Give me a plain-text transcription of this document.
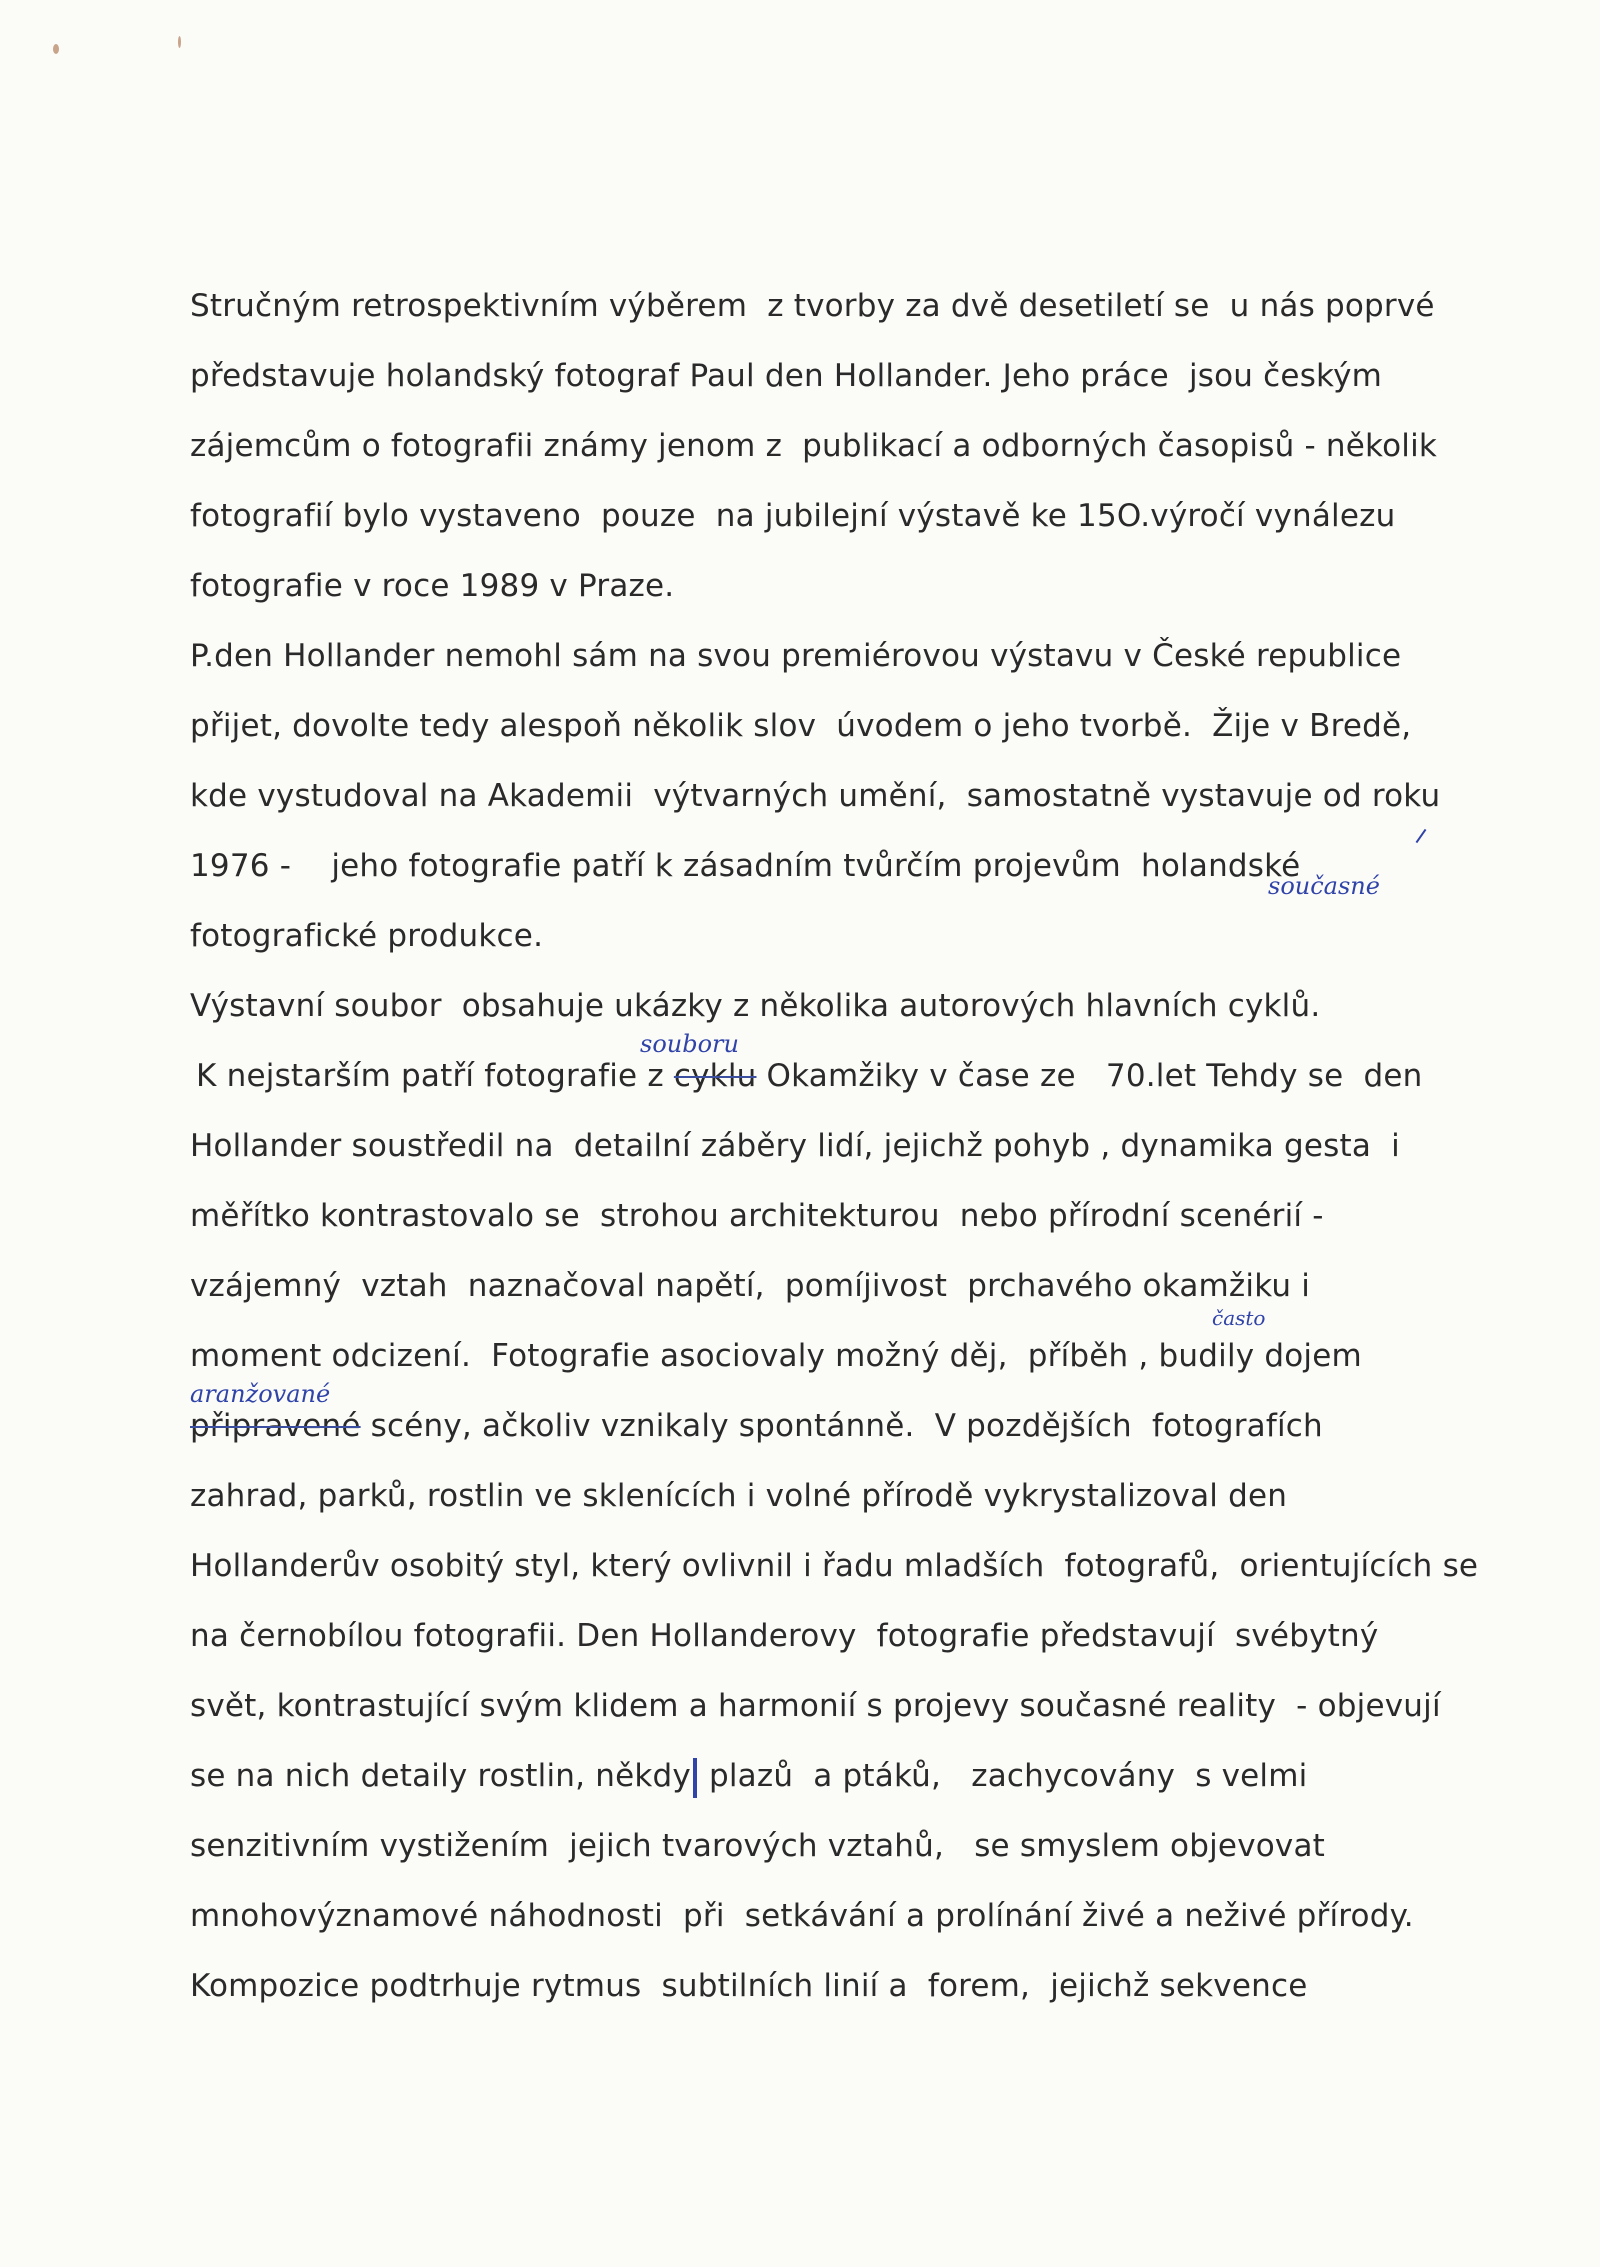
Stručným retrospektivním výběrem  z tvorby za dvě desetiletí se  u nás poprvé
představuje holandský fotograf Paul den Hollander. Jeho práce  jsou českým
zájemcům o fotografii známy jenom z  publikací a odborných časopisů - několik
fotografií bylo vystaveno  pouze  na jubilejní výstavě ke 15O.výročí vynálezu
fotografie v roce 1989 v Praze.
P.den Hollander nemohl sám na svou premiérovou výstavu v České republice
přijet, dovolte tedy alespoň několik slov  úvodem o jeho tvorbě.  Žije v Bredě,
kde vystudoval na Akademii  výtvarných umění,  samostatně vystavuje od roku
1976 -    jeho fotografie patří k zásadním tvůrčím projevům  holandské
současné
fotografické produkce.
Výstavní soubor  obsahuje ukázky z několika autorových hlavních cyklů.
souboru
K nejstarším patří fotografie z cyklu Okamžiky v čase ze   70.let Tehdy se  den
Hollander soustředil na  detailní záběry lidí, jejichž pohyb , dynamika gesta  i
měřítko kontrastovalo se  strohou architekturou  nebo přírodní scenérií -
vzájemný  vztah  naznačoval napětí,  pomíjivost  prchavého okamžiku i
často
moment odcizení.  Fotografie asociovaly možný děj,  příběh , budily dojem
aranžované
připravené scény, ačkoliv vznikaly spontánně.  V pozdějších  fotografích
zahrad, parků, rostlin ve sklenících i volné přírodě vykrystalizoval den
Hollanderův osobitý styl, který ovlivnil i řadu mladších  fotografů,  orientujících se
na černobílou fotografii. Den Hollanderovy  fotografie představují  svébytný
svět, kontrastující svým klidem a harmonií s projevy současné reality  - objevují
se na nich detaily rostlin, někdy plazů  a ptáků,   zachycovány  s velmi
senzitivním vystižením  jejich tvarových vztahů,   se smyslem objevovat
mnohovýznamové náhodnosti  při  setkávání a prolínání živé a neživé přírody.
Kompozice podtrhuje rytmus  subtilních linií a  forem,  jejichž sekvence
